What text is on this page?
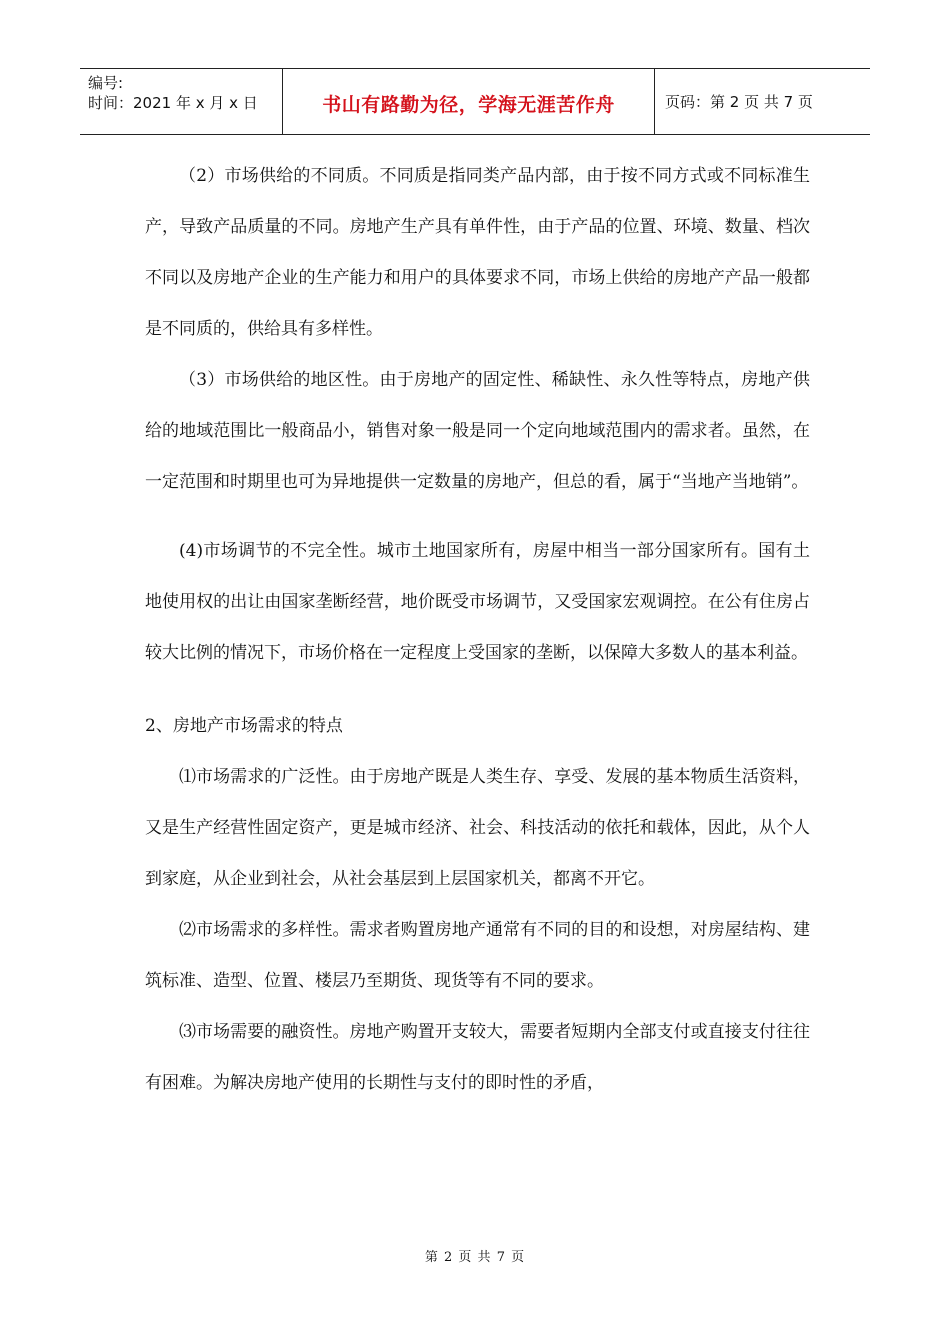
编号:
时间：2021 年 x 月 x 日	书山有路勤为径，学海无涯苦作舟	页码：第 2 页 共 7 页

（2）市场供给的不同质。不同质是指同类产品内部，由于按不同方式或不同标准生产，导致产品质量的不同。房地产生产具有单件性，由于产品的位置、环境、数量、档次不同以及房地产企业的生产能力和用户的具体要求不同，市场上供给的房地产产品一般都是不同质的，供给具有多样性。

（3）市场供给的地区性。由于房地产的固定性、稀缺性、永久性等特点，房地产供给的地域范围比一般商品小，销售对象一般是同一个定向地域范围内的需求者。虽然，在一定范围和时期里也可为异地提供一定数量的房地产，但总的看，属于“当地产当地销”。

(4)市场调节的不完全性。城市土地国家所有，房屋中相当一部分国家所有。国有土地使用权的出让由国家垄断经营，地价既受市场调节，又受国家宏观调控。在公有住房占较大比例的情况下，市场价格在一定程度上受国家的垄断，以保障大多数人的基本利益。

2、房地产市场需求的特点

⑴市场需求的广泛性。由于房地产既是人类生存、享受、发展的基本物质生活资料，又是生产经营性固定资产，更是城市经济、社会、科技活动的依托和载体，因此，从个人到家庭，从企业到社会，从社会基层到上层国家机关，都离不开它。

⑵市场需求的多样性。需求者购置房地产通常有不同的目的和设想，对房屋结构、建筑标准、造型、位置、楼层乃至期货、现货等有不同的要求。

⑶市场需要的融资性。房地产购置开支较大，需要者短期内全部支付或直接支付往往有困难。为解决房地产使用的长期性与支付的即时性的矛盾，

第 2 页 共 7 页
